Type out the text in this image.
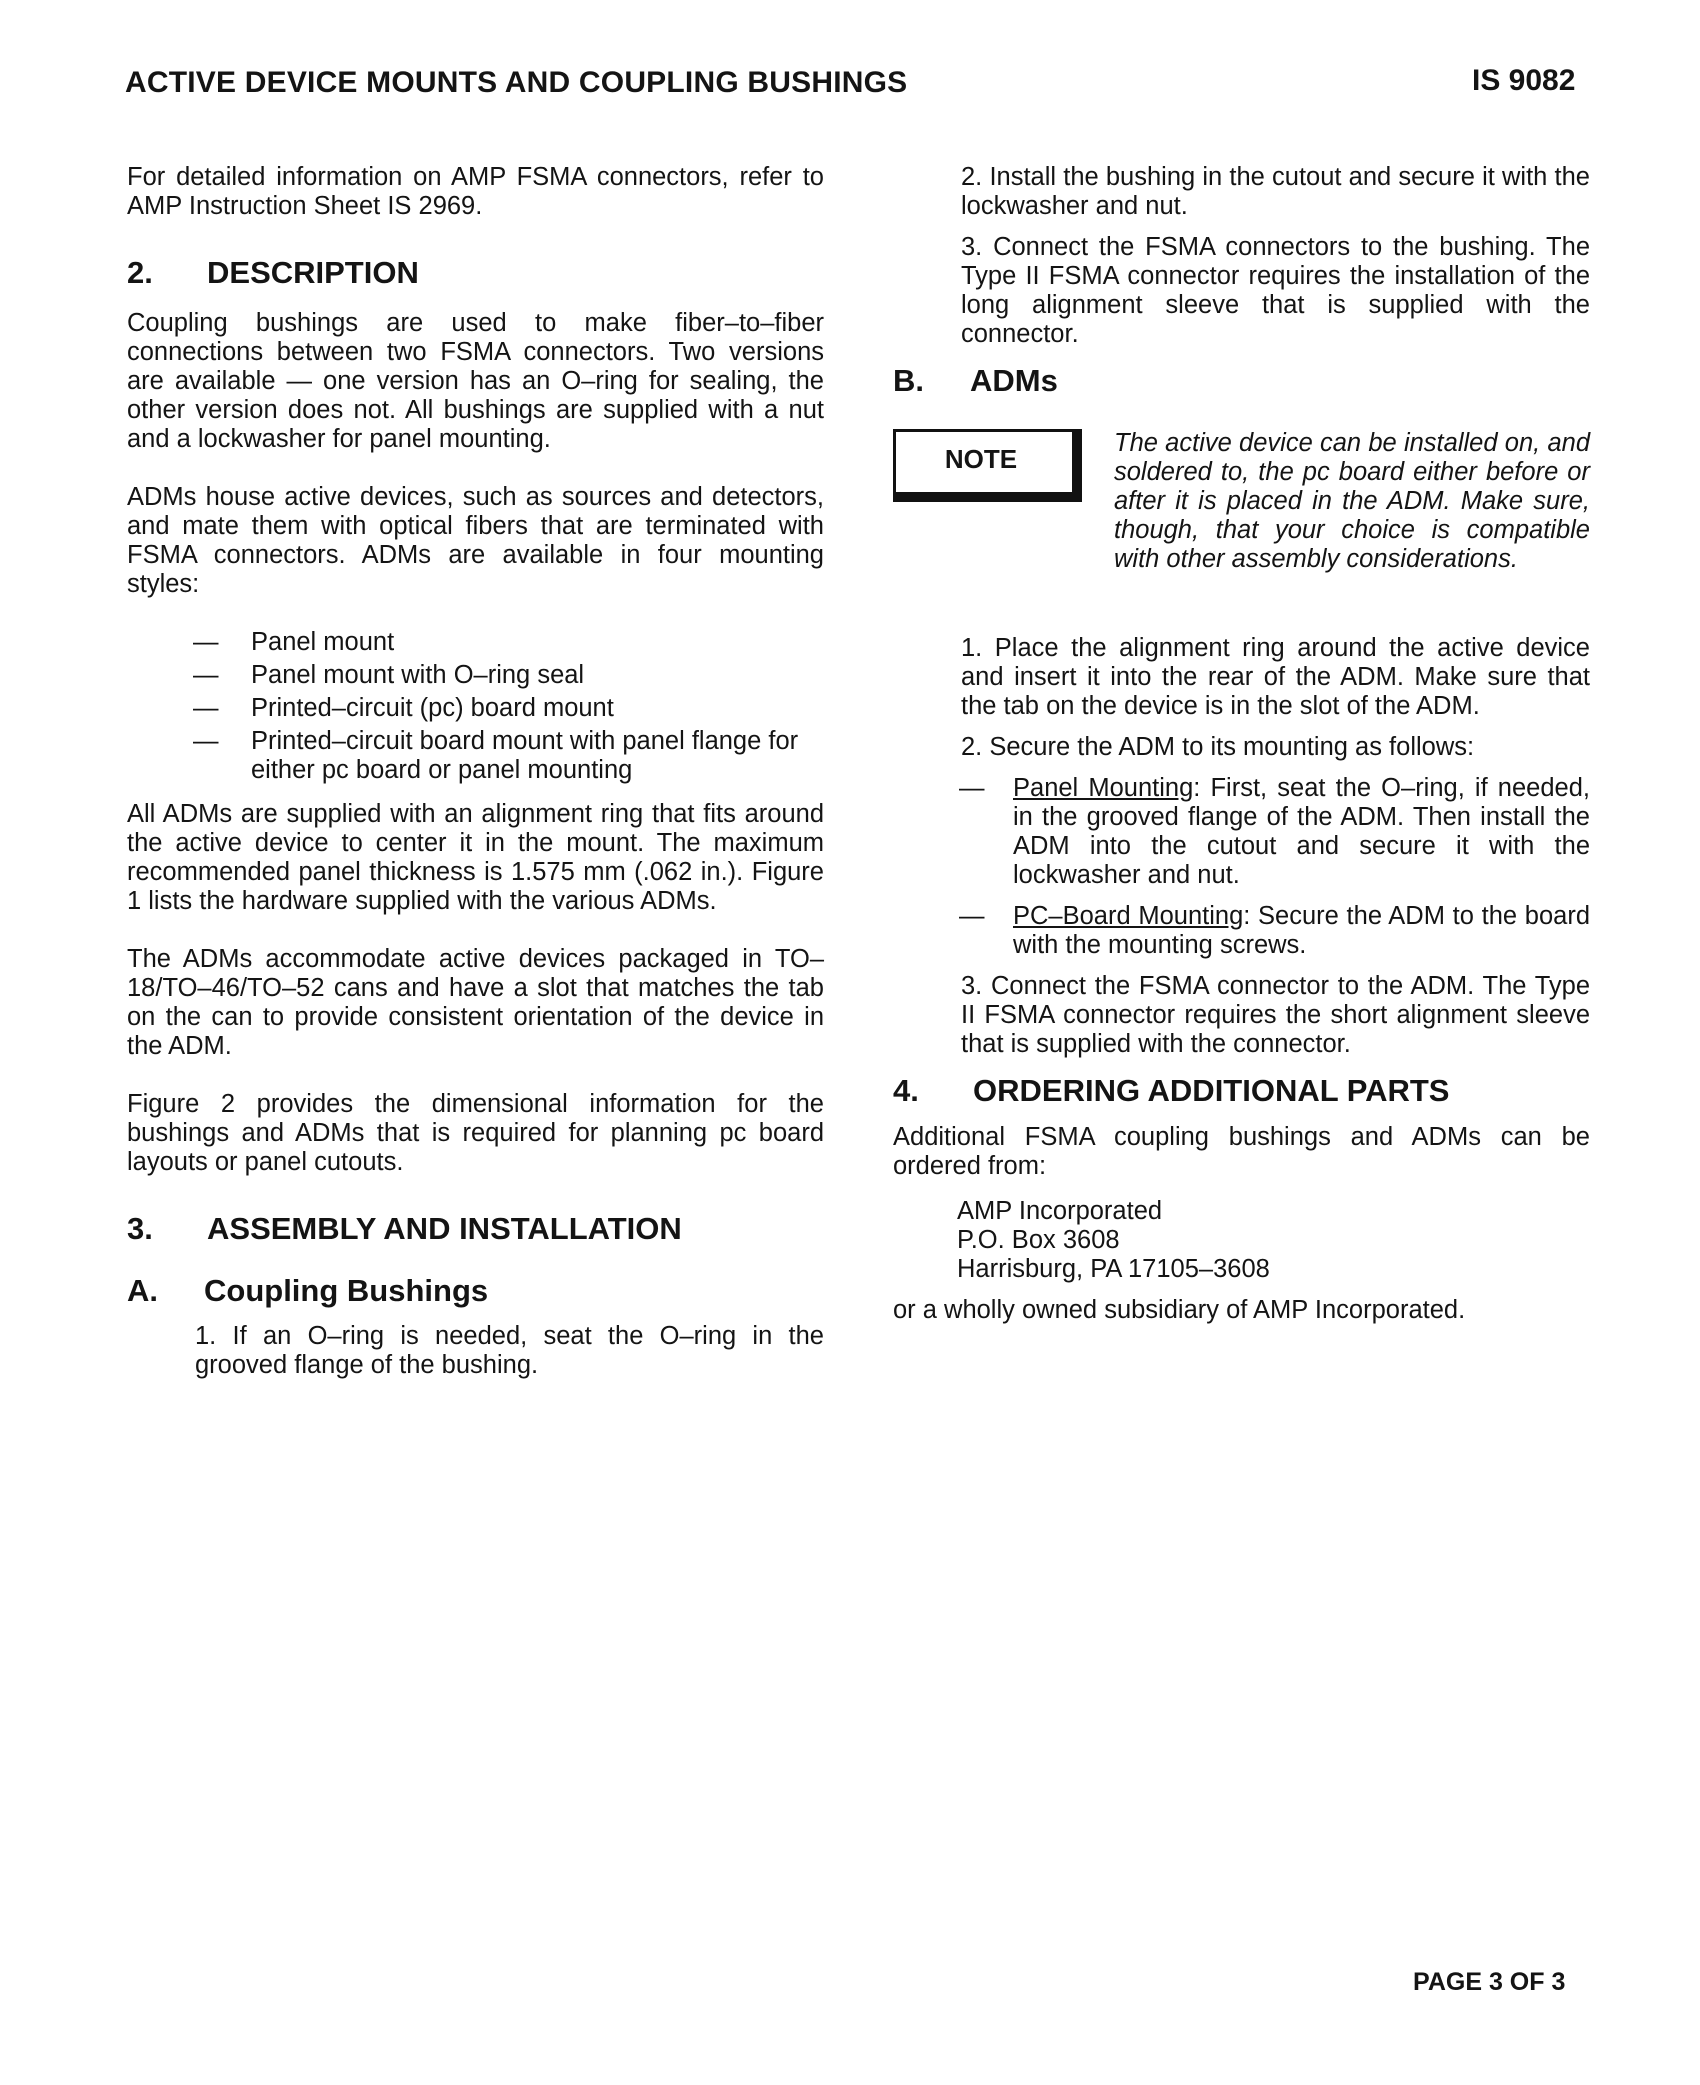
ACTIVE DEVICE MOUNTS AND COUPLING BUSHINGS	IS 9082

For detailed information on AMP FSMA connectors, refer to AMP Instruction Sheet IS 2969.

2. DESCRIPTION

Coupling bushings are used to make fiber–to–fiber connections between two FSMA connectors. Two versions are available — one version has an O–ring for sealing, the other version does not. All bushings are supplied with a nut and a lockwasher for panel mounting.

ADMs house active devices, such as sources and detectors, and mate them with optical fibers that are terminated with FSMA connectors. ADMs are available in four mounting styles:

— Panel mount
— Panel mount with O–ring seal
— Printed–circuit (pc) board mount
— Printed–circuit board mount with panel flange for either pc board or panel mounting

All ADMs are supplied with an alignment ring that fits around the active device to center it in the mount. The maximum recommended panel thickness is 1.575 mm (.062 in.). Figure 1 lists the hardware supplied with the various ADMs.

The ADMs accommodate active devices packaged in TO–18/TO–46/TO–52 cans and have a slot that matches the tab on the can to provide consistent orientation of the device in the ADM.

Figure 2 provides the dimensional information for the bushings and ADMs that is required for planning pc board layouts or panel cutouts.

3. ASSEMBLY AND INSTALLATION
A. Coupling Bushings

1. If an O–ring is needed, seat the O–ring in the grooved flange of the bushing.

2. Install the bushing in the cutout and secure it with the lockwasher and nut.

3. Connect the FSMA connectors to the bushing. The Type II FSMA connector requires the installation of the long alignment sleeve that is supplied with the connector.

B. ADMs
NOTE
The active device can be installed on, and soldered to, the pc board either before or after it is placed in the ADM. Make sure, though, that your choice is compatible with other assembly considerations.

1. Place the alignment ring around the active device and insert it into the rear of the ADM. Make sure that the tab on the device is in the slot of the ADM.

2. Secure the ADM to its mounting as follows:

— Panel Mounting: First, seat the O–ring, if needed, in the grooved flange of the ADM. Then install the ADM into the cutout and secure it with the lockwasher and nut.
— PC–Board Mounting: Secure the ADM to the board with the mounting screws.

3. Connect the FSMA connector to the ADM. The Type II FSMA connector requires the short alignment sleeve that is supplied with the connector.

4. ORDERING ADDITIONAL PARTS

Additional FSMA coupling bushings and ADMs can be ordered from:

AMP Incorporated
P.O. Box 3608
Harrisburg, PA 17105–3608

or a wholly owned subsidiary of AMP Incorporated.

PAGE 3 OF 3
